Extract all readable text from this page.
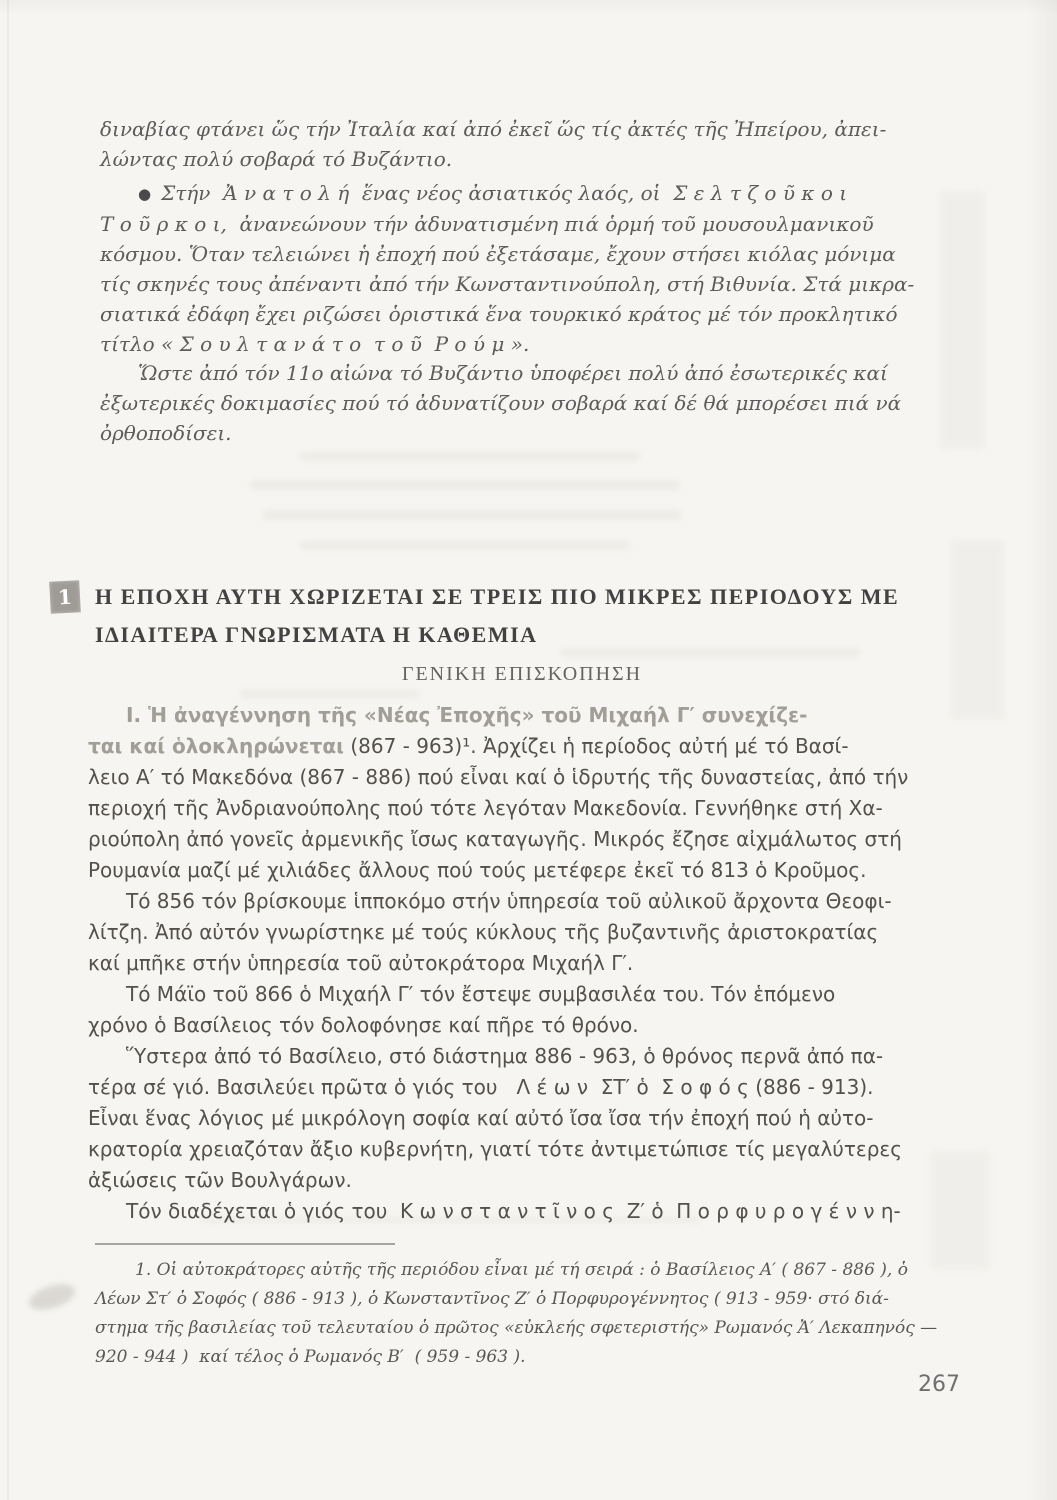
διναβίας φτάνει ὥς τήν Ἰταλία καί ἀπό ἐκεῖ ὥς τίς ἀκτές τῆς Ἠπείρου, ἀπει-
λώντας πολύ σοβαρά τό Βυζάντιο.
● Στήν  Ἀ ν α τ ο λ ή  ἕνας νέος ἀσιατικός λαός, οἱ  Σ ε λ τ ζ ο ῦ κ ο ι
Τ ο ῦ ρ κ ο ι,  ἀνανεώνουν τήν ἀδυνατισμένη πιά ὁρμή τοῦ μουσουλμανικοῦ
κόσμου. Ὅταν τελειώνει ἡ ἐποχή πού ἐξετάσαμε, ἔχουν στήσει κιόλας μόνιμα
τίς σκηνές τους ἀπέναντι ἀπό τήν Κωνσταντινούπολη, στή Βιθυνία. Στά μικρα-
σιατικά ἐδάφη ἔχει ριζώσει ὁριστικά ἕνα τουρκικό κράτος μέ τόν προκλητικό
τίτλο « Σ ο υ λ τ α ν ά τ ο  τ ο ῦ  Ρ ο ύ μ ».
Ὥστε ἀπό τόν 11ο αἰώνα τό Βυζάντιο ὑποφέρει πολύ ἀπό ἐσωτερικές καί
ἐξωτερικές δοκιμασίες πού τό ἀδυνατίζουν σοβαρά καί δέ θά μπορέσει πιά νά
ὀρθοποδίσει.
1	Η ΕΠΟΧΗ ΑΥΤΗ ΧΩΡΙΖΕΤΑΙ ΣΕ ΤΡΕΙΣ ΠΙΟ ΜΙΚΡΕΣ ΠΕΡΙΟΔΟΥΣ ΜΕ
ΙΔΙΑΙΤΕΡΑ ΓΝΩΡΙΣΜΑΤΑ Η ΚΑΘΕΜΙΑ
ΓΕΝΙΚΗ ΕΠΙΣΚΟΠΗΣΗ
Ι. Ἡ ἀναγέννηση τῆς «Νέας Ἐποχῆς» τοῦ Μιχαήλ Γ′ συνεχίζε-
ται καί ὁλοκληρώνεται (867 - 963)¹. Ἀρχίζει ἡ περίοδος αὐτή μέ τό Βασί-
λειο Α′ τό Μακεδόνα (867 - 886) πού εἶναι καί ὁ ἱδρυτής τῆς δυναστείας, ἀπό τήν
περιοχή τῆς Ἀνδριανούπολης πού τότε λεγόταν Μακεδονία. Γεννήθηκε στή Χα-
ριούπολη ἀπό γονεῖς ἀρμενικῆς ἴσως καταγωγῆς. Μικρός ἔζησε αἰχμάλωτος στή
Ρουμανία μαζί μέ χιλιάδες ἄλλους πού τούς μετέφερε ἐκεῖ τό 813 ὁ Κροῦμος.
Τό 856 τόν βρίσκουμε ἱπποκόμο στήν ὑπηρεσία τοῦ αὐλικοῦ ἄρχοντα Θεοφι-
λίτζη. Ἀπό αὐτόν γνωρίστηκε μέ τούς κύκλους τῆς βυζαντινῆς ἀριστοκρατίας
καί μπῆκε στήν ὑπηρεσία τοῦ αὐτοκράτορα Μιχαήλ Γ′.
Τό Μάϊο τοῦ 866 ὁ Μιχαήλ Γ′ τόν ἔστεψε συμβασιλέα του. Τόν ἑπόμενο
χρόνο ὁ Βασίλειος τόν δολοφόνησε καί πῆρε τό θρόνο.
Ὕστερα ἀπό τό Βασίλειο, στό διάστημα 886 - 963, ὁ θρόνος περνᾶ ἀπό πα-
τέρα σέ γιό. Βασιλεύει πρῶτα ὁ γιός του   Λ έ ω ν  ΣΤ′ ὁ  Σ ο φ ό ς (886 - 913).
Εἶναι ἕνας λόγιος μέ μικρόλογη σοφία καί αὐτό ἴσα ἴσα τήν ἐποχή πού ἡ αὐτο-
κρατορία χρειαζόταν ἄξιο κυβερνήτη, γιατί τότε ἀντιμετώπισε τίς μεγαλύτερες
ἀξιώσεις τῶν Βουλγάρων.
Τόν διαδέχεται ὁ γιός του  Κ ω ν σ τ α ν τ ῖ ν ο ς  Ζ′ ὁ  Π ο ρ φ υ ρ ο γ έ ν ν η-
1. Οἱ αὐτοκράτορες αὐτῆς τῆς περιόδου εἶναι μέ τή σειρά : ὁ Βασίλειος Α′ ( 867 - 886 ), ὁ
Λέων Στ′ ὁ Σοφός ( 886 - 913 ), ὁ Κωνσταντῖνος Ζ′ ὁ Πορφυρογέννητος ( 913 - 959· στό διά-
στημα τῆς βασιλείας τοῦ τελευταίου ὁ πρῶτος «εὐκλεής σφετεριστής» Ρωμανός Ἀ′ Λεκαπηνός —
920 - 944 )  καί τέλος ὁ Ρωμανός Β′  ( 959 - 963 ).
267
